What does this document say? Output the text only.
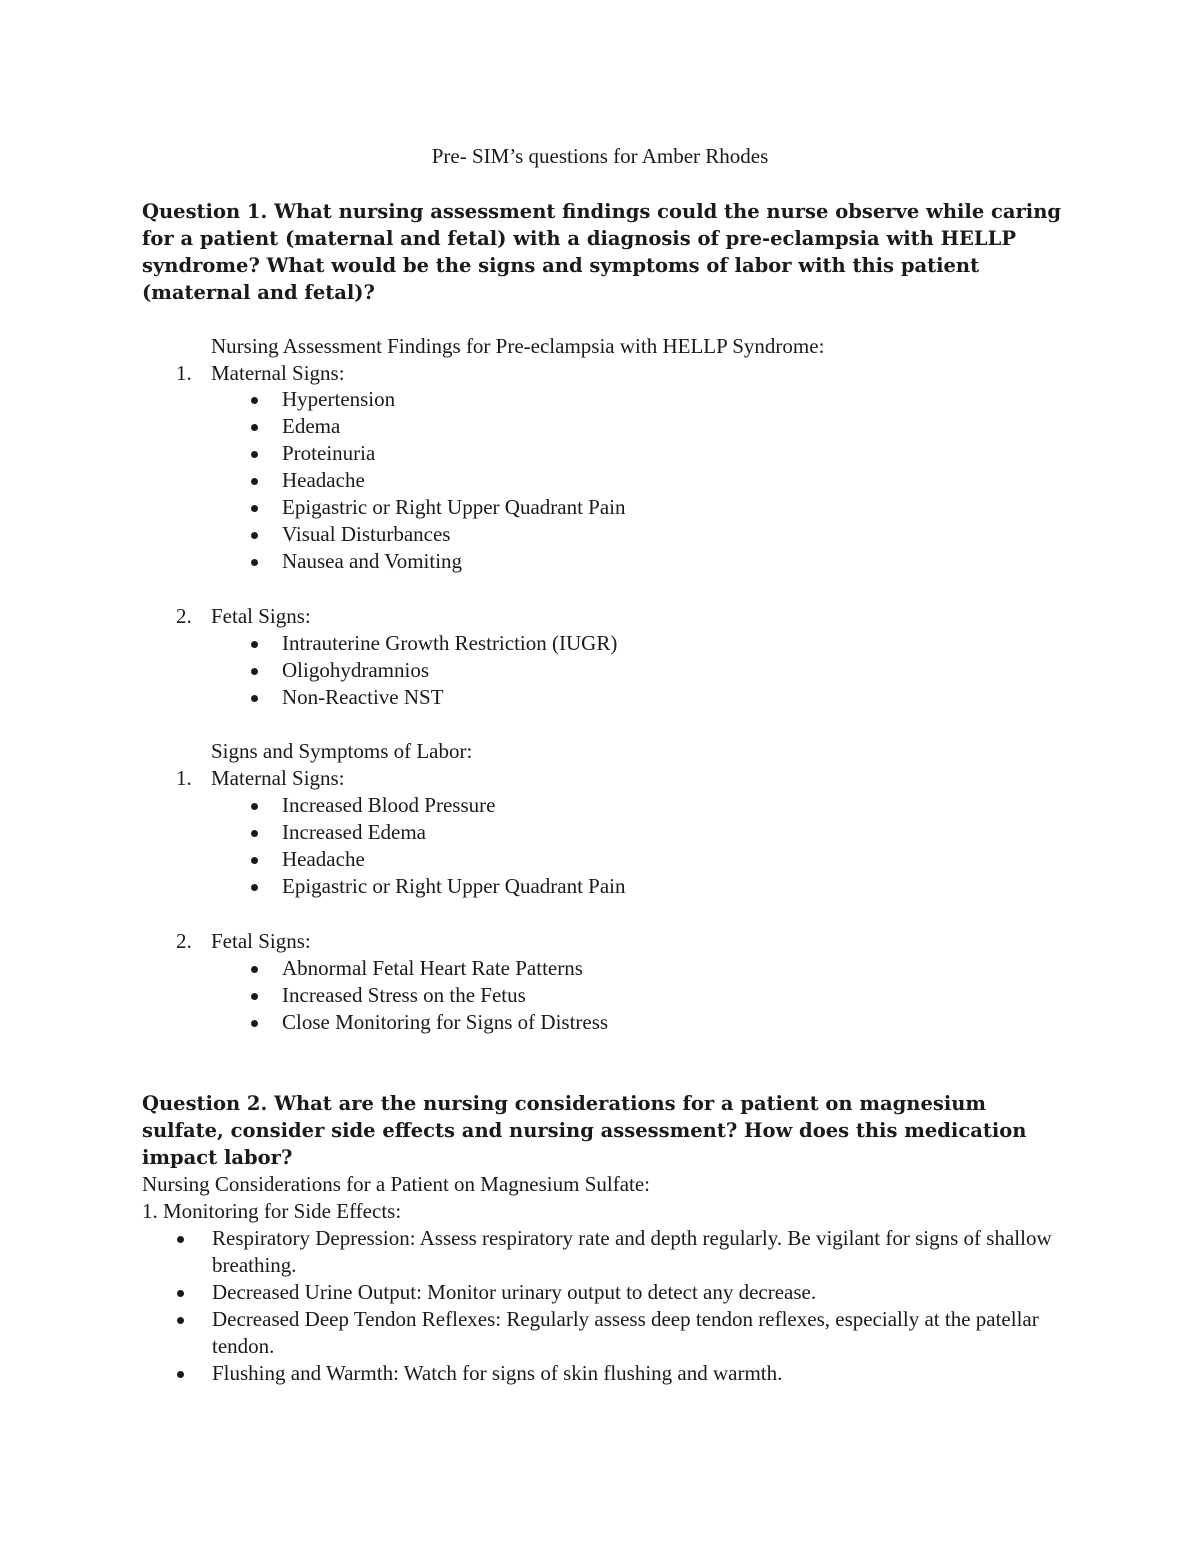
Pre- SIM’s questions for Amber Rhodes
Question 1. What nursing assessment findings could the nurse observe while caring for a patient (maternal and fetal) with a diagnosis of pre-eclampsia with HELLP syndrome? What would be the signs and symptoms of labor with this patient (maternal and fetal)?
Nursing Assessment Findings for Pre-eclampsia with HELLP Syndrome:
1. Maternal Signs:
Hypertension
Edema
Proteinuria
Headache
Epigastric or Right Upper Quadrant Pain
Visual Disturbances
Nausea and Vomiting
2. Fetal Signs:
Intrauterine Growth Restriction (IUGR)
Oligohydramnios
Non-Reactive NST
Signs and Symptoms of Labor:
1. Maternal Signs:
Increased Blood Pressure
Increased Edema
Headache
Epigastric or Right Upper Quadrant Pain
2. Fetal Signs:
Abnormal Fetal Heart Rate Patterns
Increased Stress on the Fetus
Close Monitoring for Signs of Distress
Question 2. What are the nursing considerations for a patient on magnesium sulfate, consider side effects and nursing assessment? How does this medication impact labor?
Nursing Considerations for a Patient on Magnesium Sulfate:
1. Monitoring for Side Effects:
Respiratory Depression: Assess respiratory rate and depth regularly. Be vigilant for signs of shallow breathing.
Decreased Urine Output: Monitor urinary output to detect any decrease.
Decreased Deep Tendon Reflexes: Regularly assess deep tendon reflexes, especially at the patellar tendon.
Flushing and Warmth: Watch for signs of skin flushing and warmth.
